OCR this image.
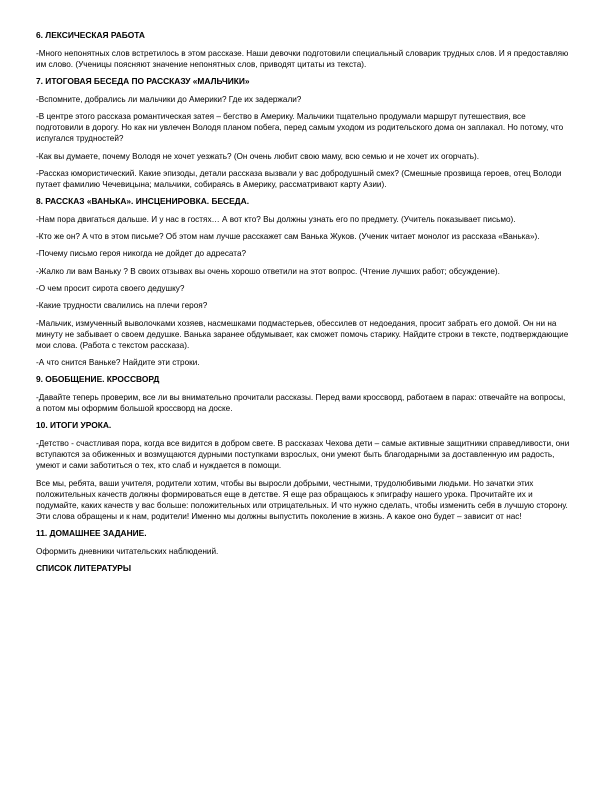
6. ЛЕКСИЧЕСКАЯ РАБОТА

-Много непонятных слов встретилось в этом рассказе. Наши девочки подготовили специальный словарик трудных слов. И я предоставляю им слово. (Ученицы поясняют значение непонятных слов, приводят цитаты из текста).

7. ИТОГОВАЯ БЕСЕДА ПО РАССКАЗУ «МАЛЬЧИКИ»

-Вспомните, добрались ли мальчики до Америки? Где их задержали?

-В центре этого рассказа романтическая затея – бегство в Америку. Мальчики тщательно продумали маршрут путешествия, все подготовили в дорогу. Но как ни увлечен Володя планом побега, перед самым уходом из родительского дома он заплакал. Но потому, что испугался трудностей?

-Как вы думаете, почему Володя не хочет уезжать? (Он очень любит свою маму, всю семью и не хочет их огорчать).

-Рассказ юмористический. Какие эпизоды, детали рассказа вызвали у вас добродушный смех? (Смешные прозвища героев, отец Володи путает фамилию Чечевицына; мальчики, собираясь в Америку, рассматривают карту Азии).

8. РАССКАЗ «ВАНЬКА». ИНСЦЕНИРОВКА. БЕСЕДА.

-Нам пора двигаться дальше. И у нас в гостях… А вот кто? Вы должны узнать его по предмету. (Учитель показывает письмо).

-Кто же он? А что в этом письме? Об этом нам лучше расскажет сам Ванька Жуков. (Ученик читает монолог из рассказа «Ванька»).

-Почему письмо героя никогда не дойдет до адресата?

-Жалко ли вам Ваньку ? В своих отзывах вы очень хорошо ответили на этот вопрос. (Чтение лучших работ; обсуждение).

-О чем просит сирота своего дедушку?

-Какие трудности свалились на плечи героя?

-Мальчик, измученный выволочками хозяев, насмешками подмастерьев, обессилев от недоедания, просит забрать его домой. Он ни на минуту не забывает о своем дедушке. Ванька заранее обдумывает, как сможет помочь старику. Найдите строки в тексте, подтверждающие мои слова. (Работа с текстом рассказа).

-А что снится Ваньке? Найдите эти строки.

9. ОБОБЩЕНИЕ. КРОССВОРД

-Давайте теперь проверим, все ли вы внимательно прочитали рассказы. Перед вами кроссворд, работаем в парах: отвечайте на вопросы, а потом мы оформим большой кроссворд на доске.

10. ИТОГИ УРОКА.

-Детство - счастливая пора, когда все видится в добром свете. В рассказах Чехова дети – самые активные защитники справедливости, они вступаются за обиженных и возмущаются дурными поступками взрослых, они умеют быть благодарными за доставленную им радость, умеют и сами заботиться о тех, кто слаб и нуждается в помощи.

Все мы, ребята, ваши учителя, родители хотим, чтобы вы выросли добрыми, честными, трудолюбивыми людьми. Но зачатки этих положительных качеств должны формироваться еще в детстве. Я еще раз обращаюсь к эпиграфу нашего урока. Прочитайте их и подумайте, каких качеств у вас больше: положительных или отрицательных. И что нужно сделать, чтобы изменить себя в лучшую сторону. Эти слова обращены и к нам, родители! Именно мы должны выпустить поколение в жизнь. А какое оно будет – зависит от нас!

11. ДОМАШНЕЕ ЗАДАНИЕ.

Оформить дневники читательских наблюдений.

СПИСОК ЛИТЕРАТУРЫ
